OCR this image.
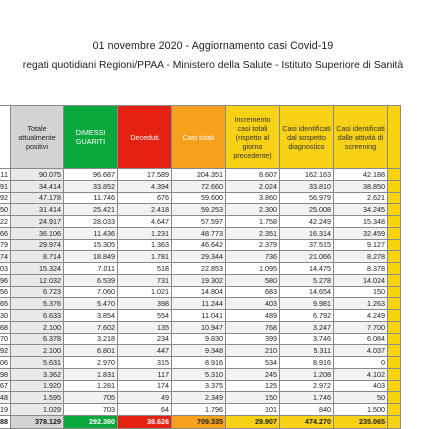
01 novembre 2020 - Aggiornamento casi Covid-19
regati quotidiani Regioni/PPAA - Ministero della Salute - Istituto Superiore di Sanità
	Totale attualmente positivi	DIMESSI GUARITI	Deceduti	Casi totali	Incremento casi totali (rispetto al giorno precedente)	Casi identificati dal sospetto diagnostico	Casi identificati dalle attività di screening	
11	90.075	96.687	17.589	204.351	8.607	162.163	42.188	
91	34.414	33.852	4.394	72.660	2.024	33.810	38.850	
92	47.178	11.746	676	59.600	3.860	56.979	2.621	
50	31.414	25.421	2.418	59.253	2.300	25.008	34.245	
22	24.917	28.033	4.647	57.597	1.758	42.249	15.348	
66	36.106	11.436	1.231	48.773	2.351	16.314	32.459	
79	29.974	15.305	1.363	46.642	2.379	37.515	9.127	
74	8.714	18.849	1.781	29.344	736	21.066	8.278	
03	15.324	7.011	518	22.853	1.095	14.475	8.378	
96	12.032	6.539	731	19.302	580	5.278	14.024	
56	6.723	7.060	1.021	14.804	683	14.654	150	
65	5.376	5.470	398	11.244	403	9.981	1.263	
30	6.633	3.854	554	11.041	489	6.792	4.249	
68	2.100	7.602	135	10.947	768	3.247	7.700	
70	6.378	3.218	234	9.830	399	3.746	6.084	
92	2.100	6.801	447	9.348	210	5.311	4.037	
06	5.631	2.970	315	8.916	534	8.916	0	
98	3.362	1.831	117	5.310	245	1.208	4.102	
67	1.920	1.281	174	3.375	125	2.972	403	
48	1.595	705	49	2.349	150	1.746	50	
19	1.029	703	64	1.796	101	840	1.500	
88	378.129	292.380	38.626	709.335	29.907	474.270	235.065	
